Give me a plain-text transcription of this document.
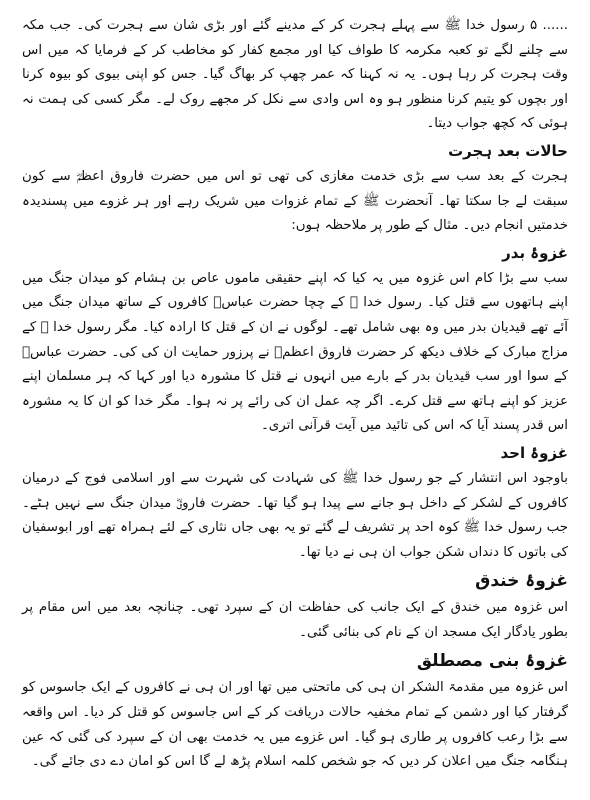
۵ ...... رسول خدا ﷺ سے پہلے ہجرت کر کے مدینے گئے اور بڑی شان سے ہجرت کی۔ جب مکہ سے چلنے لگے تو کعبہ مکرمہ کا طواف کیا اور مجمع کفار کو مخاطب کر کے فرمایا کہ میں اس وقت ہجرت کر رہا ہوں۔ یہ نہ کہنا کہ عمر چھپ کر بھاگ گیا۔ جس کو اپنی بیوی کو بیوہ کرنا اور بچوں کو یتیم کرنا منظور ہو وہ اس وادی سے نکل کر مجھے روک لے۔ مگر کسی کی ہمت نہ ہوئی کہ کچھ جواب دیتا۔

حالات بعد ہجرت

ہجرت کے بعد سب سے بڑی خدمت مغازی کی تھی تو اس میں حضرت فاروق اعظمؓ سے کون سبقت لے جا سکتا تھا۔ آنحضرت ﷺ کے تمام غزوات میں شریک رہے اور ہر غزوے میں پسندیدہ خدمتیں انجام دیں۔ مثال کے طور پر ملاحظہ ہوں:

غزوۂ بدر

سب سے بڑا کام اس غزوہ میں یہ کیا کہ اپنے حقیقی ماموں عاص بن ہشام کو میدان جنگ میں اپنے ہاتھوں سے قتل کیا۔ رسول خدا ﷺ کے چچا حضرت عباسؓ کافروں کے ساتھ میدان جنگ میں آئے تھے قیدیان بدر میں وہ بھی شامل تھے۔ لوگوں نے ان کے قتل کا ارادہ کیا۔ مگر رسول خدا ﷺ کے مزاج مبارک کے خلاف دیکھ کر حضرت فاروق اعظمؓ نے پرزور حمایت ان کی کی۔ حضرت عباسؓ کے سوا اور سب قیدیان بدر کے بارے میں انہوں نے قتل کا مشورہ دیا اور کہا کہ ہر مسلمان اپنے عزیز کو اپنے ہاتھ سے قتل کرے۔ اگر چہ عمل ان کی رائے پر نہ ہوا۔ مگر خدا کو ان کا یہ مشورہ اس قدر پسند آیا کہ اس کی تائید میں آیت قرآنی اتری۔

غزوۂ احد

باوجود اس انتشار کے جو رسول خدا ﷺ کی شہادت کی شہرت سے اور اسلامی فوج کے درمیان کافروں کے لشکر کے داخل ہو جانے سے پیدا ہو گیا تھا۔ حضرت فاروقؓ میدان جنگ سے نہیں ہٹے۔ جب رسول خدا ﷺ کوہ احد پر تشریف لے گئے تو یہ بھی جاں نثاری کے لئے ہمراہ تھے اور ابوسفیان کی باتوں کا دنداں شکن جواب ان ہی نے دیا تھا۔

غزوۂ خندق

اس غزوہ میں خندق کے ایک جانب کی حفاظت ان کے سپرد تھی۔ چنانچہ بعد میں اس مقام پر بطور یادگار ایک مسجد ان کے نام کی بنائی گئی۔

غزوۂ بنی مصطلق

اس غزوہ میں مقدمۃ الشکر ان ہی کی ماتحتی میں تھا اور ان ہی نے کافروں کے ایک جاسوس کو گرفتار کیا اور دشمن کے تمام مخفیہ حالات دریافت کر کے اس جاسوس کو قتل کر دیا۔ اس واقعہ سے بڑا رعب کافروں پر طاری ہو گیا۔ اس غزوے میں یہ خدمت بھی ان کے سپرد کی گئی کہ عین ہنگامہ جنگ میں اعلان کر دیں کہ جو شخص کلمہ اسلام پڑھ لے گا اس کو امان دے دی جائے گی۔
